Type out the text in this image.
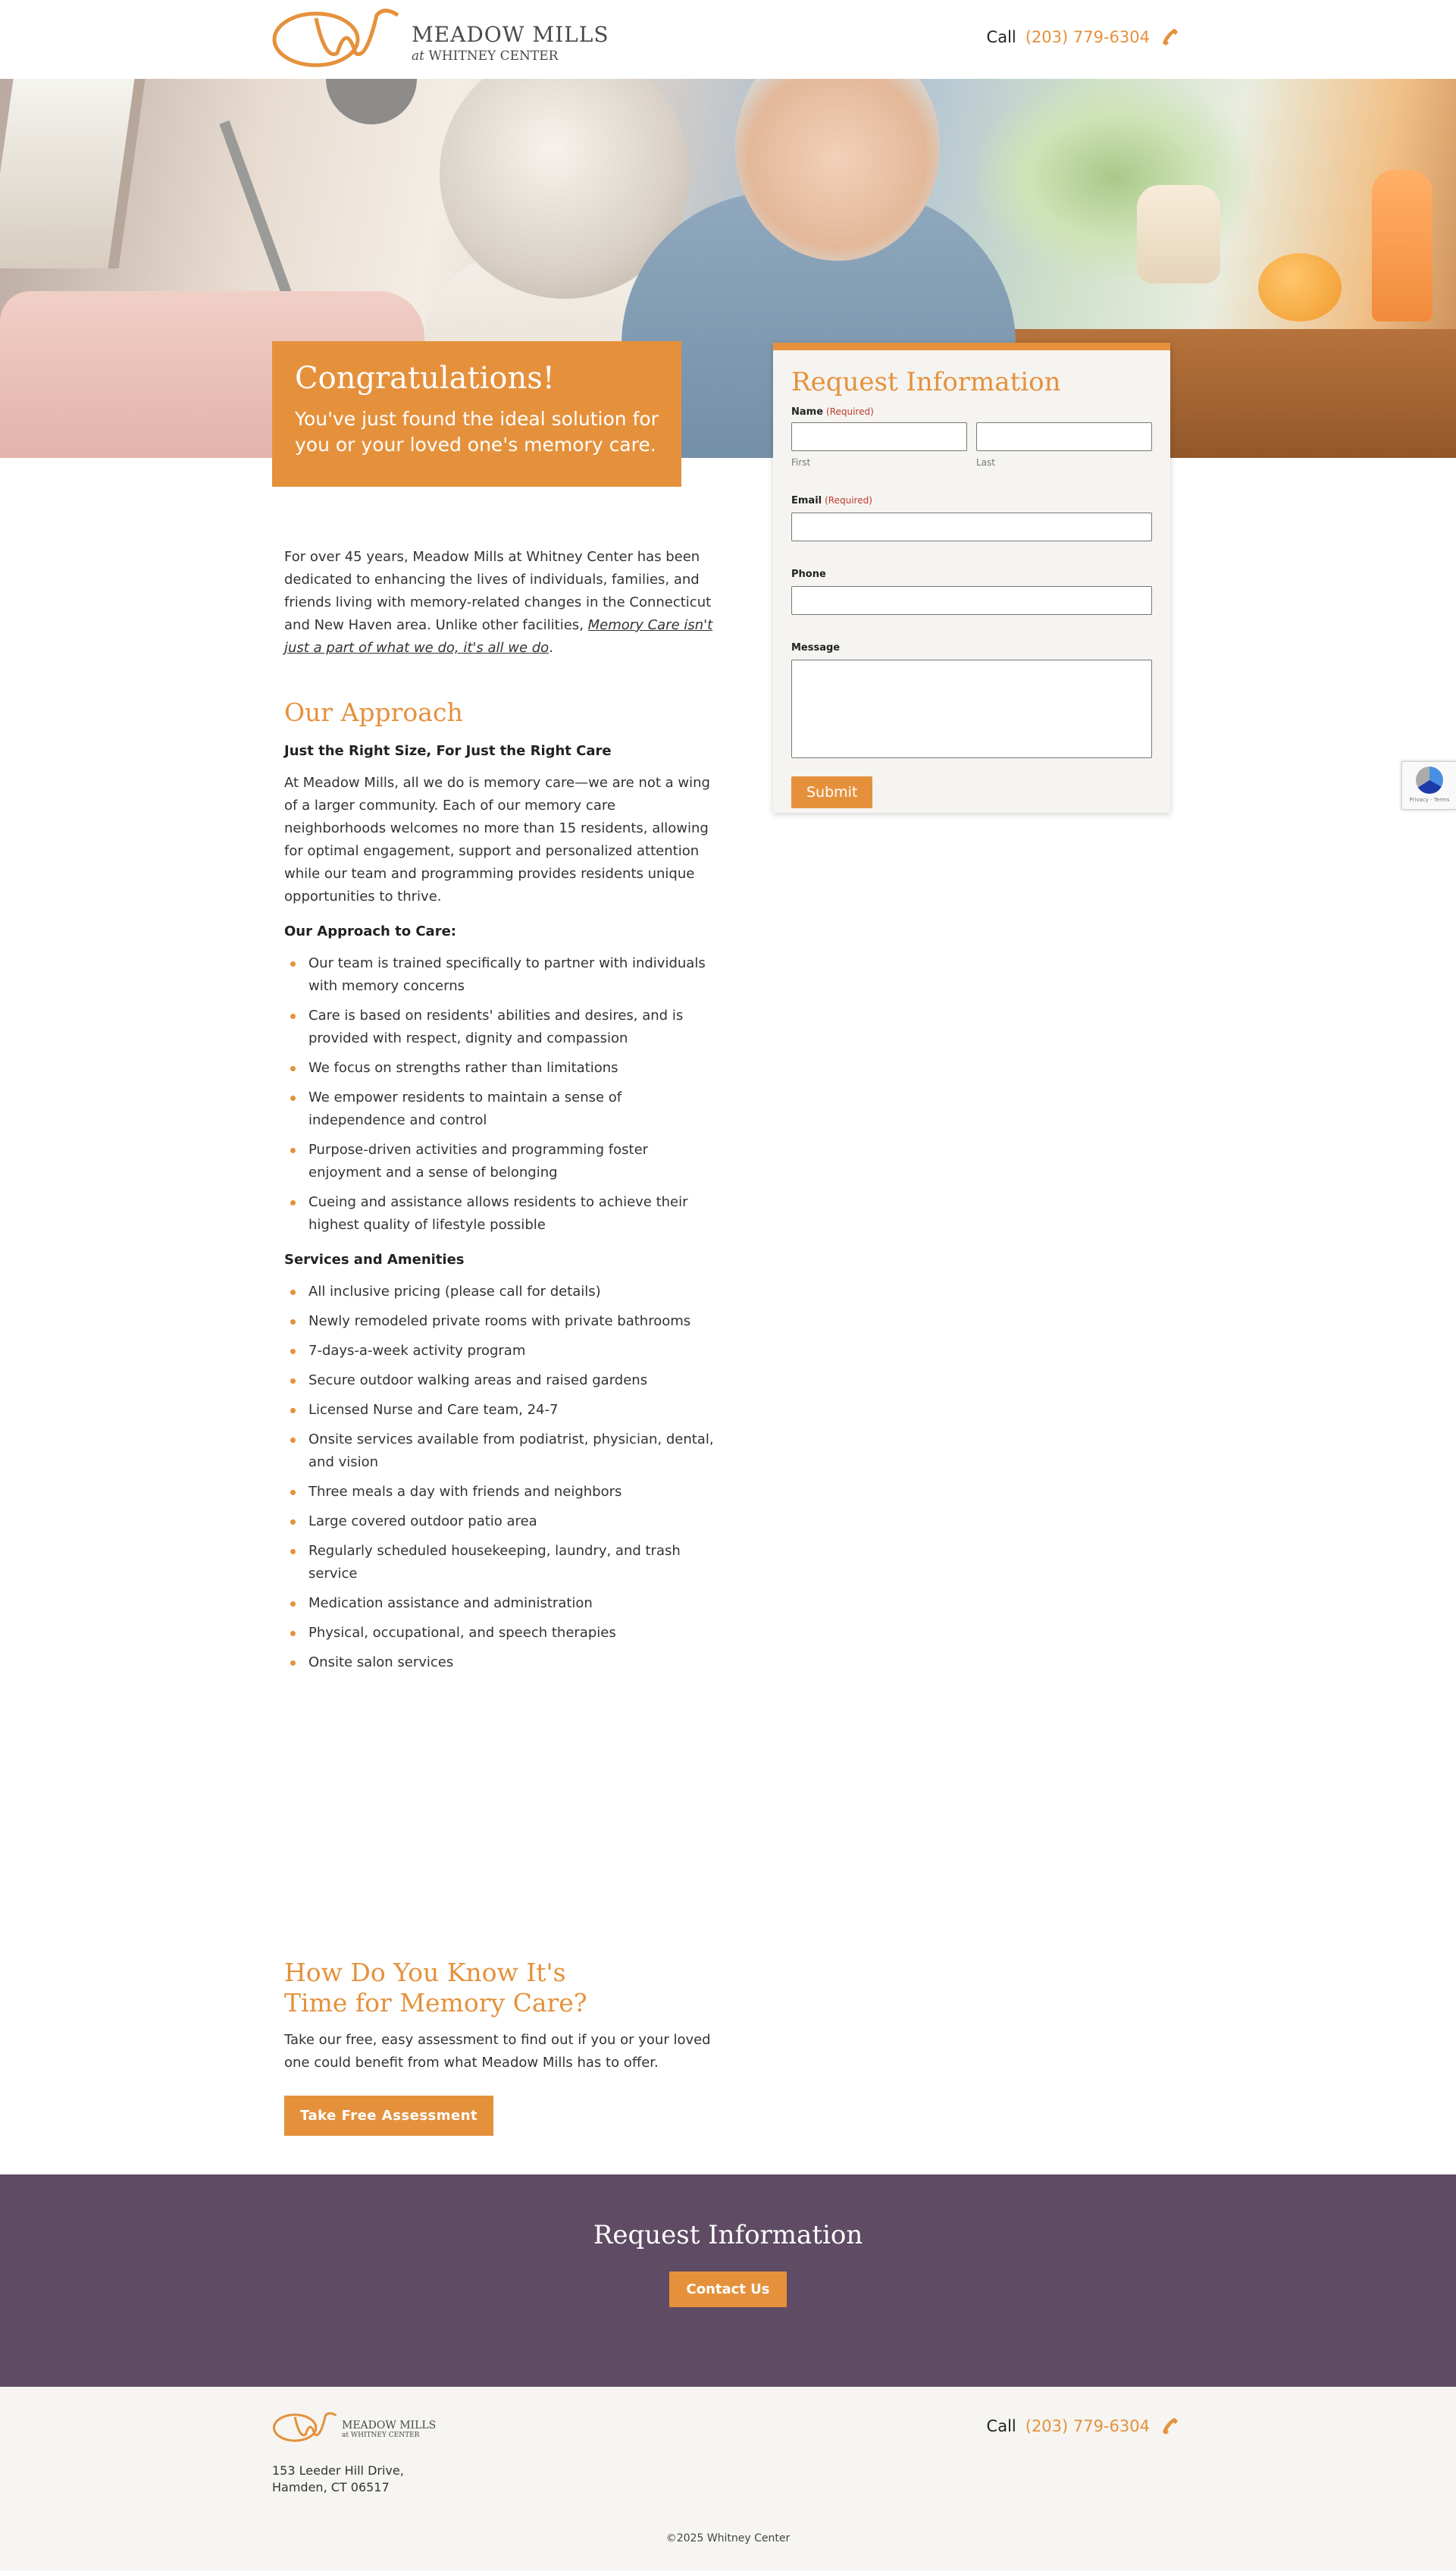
MEADOW MILLS
at WHITNEY CENTER
Call (203) 779-6304
Congratulations!

You've just found the ideal solution for you or your loved one's memory care.

Request Information
Name (Required)
First	Last
Email (Required)
Phone
Message
Submit	Privacy - Terms

For over 45 years, Meadow Mills at Whitney Center has been dedicated to enhancing the lives of individuals, families, and friends living with memory-related changes in the Connecticut and New Haven area. Unlike other facilities, Memory Care isn't just a part of what we do, it's all we do.

Our Approach
Just the Right Size, For Just the Right Care

At Meadow Mills, all we do is memory care—we are not a wing of a larger community. Each of our memory care neighborhoods welcomes no more than 15 residents, allowing for optimal engagement, support and personalized attention while our team and programming provides residents unique opportunities to thrive.

Our Approach to Care:
Our team is trained specifically to partner with individuals with memory concerns
Care is based on residents' abilities and desires, and is provided with respect, dignity and compassion
We focus on strengths rather than limitations
We empower residents to maintain a sense of independence and control
Purpose-driven activities and programming foster enjoyment and a sense of belonging
Cueing and assistance allows residents to achieve their highest quality of lifestyle possible
Services and Amenities
All inclusive pricing (please call for details)
Newly remodeled private rooms with private bathrooms
7-days-a-week activity program
Secure outdoor walking areas and raised gardens
Licensed Nurse and Care team, 24-7
Onsite services available from podiatrist, physician, dental, and vision
Three meals a day with friends and neighbors
Large covered outdoor patio area
Regularly scheduled housekeeping, laundry, and trash service
Medication assistance and administration
Physical, occupational, and speech therapies
Onsite salon services
How Do You Know It's
Time for Memory Care?

Take our free, easy assessment to find out if you or your loved one could benefit from what Meadow Mills has to offer.

Take Free Assessment
Request Information
Contact Us
MEADOW MILLS
at WHITNEY CENTER	Call (203) 779-6304
153 Leeder Hill Drive,
Hamden, CT 06517
©2025 Whitney Center
